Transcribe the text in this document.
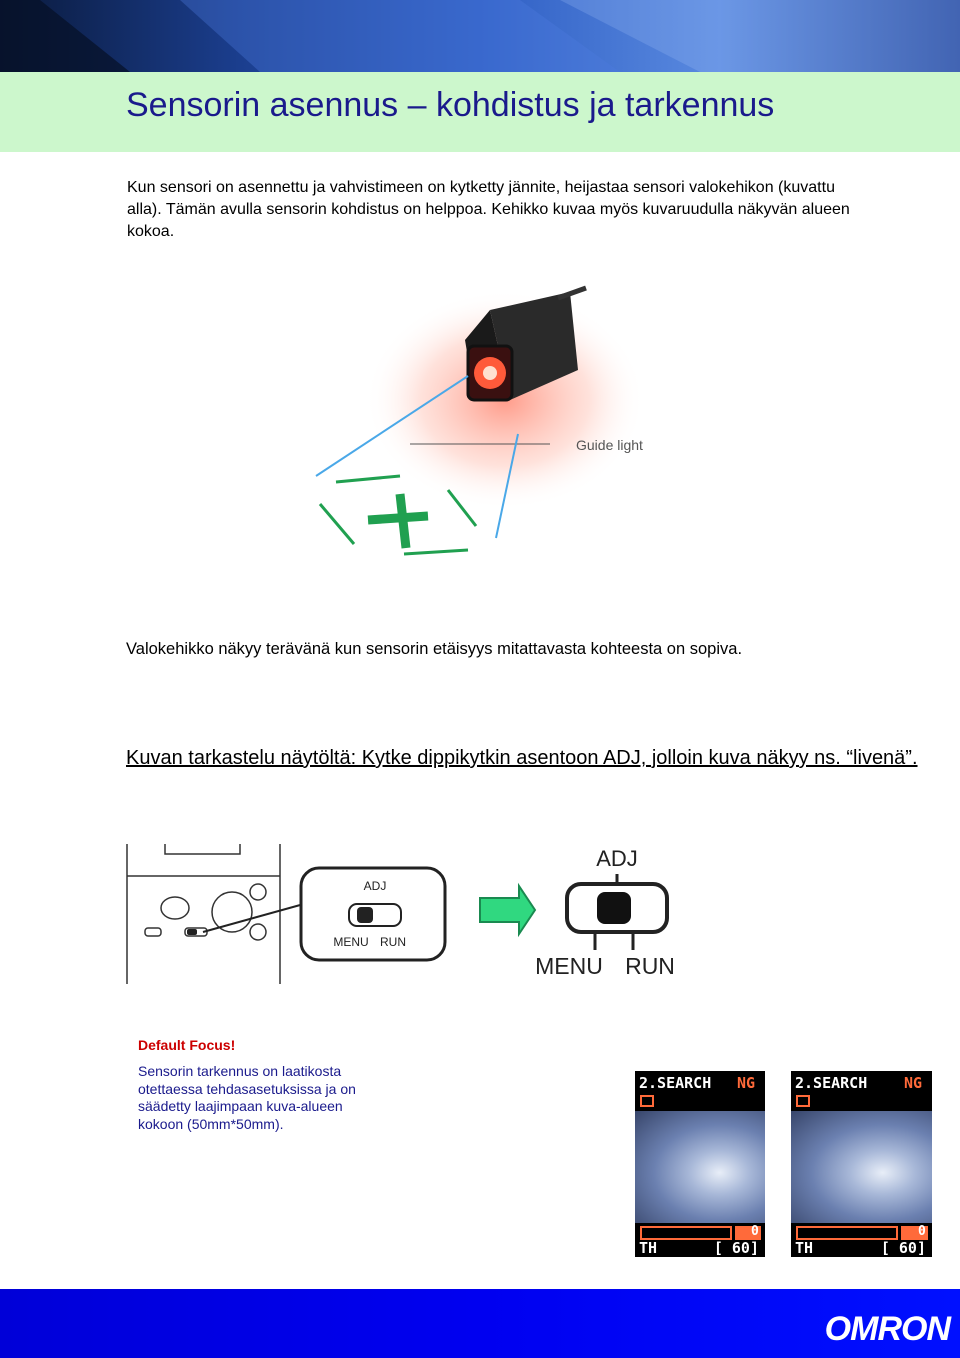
Sensorin asennus – kohdistus ja tarkennus

Kun sensori on asennettu ja vahvistimeen on kytketty jännite, heijastaa sensori valokehikon (kuvattu alla). Tämän avulla sensorin kohdistus on helppoa. Kehikko kuvaa myös kuvaruudulla näkyvän alueen kokoa.

Guide light

Valokehikko näkyy terävänä kun sensorin etäisyys mitattavasta kohteesta on sopiva.

Kuvan tarkastelu näytöltä: Kytke dippikytkin asentoon ADJ, jolloin kuva näkyy ns. “livenä”.

ADJ
MENU RUN
ADJ
MENU RUN

Default Focus!

Sensorin tarkennus on laatikosta otettaessa tehdasasetuksissa ja on säädetty laajimpaan kuva-alueen kokoon (50mm*50mm).

2.SEARCH NG
0
TH	[ 60]
2.SEARCH NG
0
TH	[ 60]
OMRON
